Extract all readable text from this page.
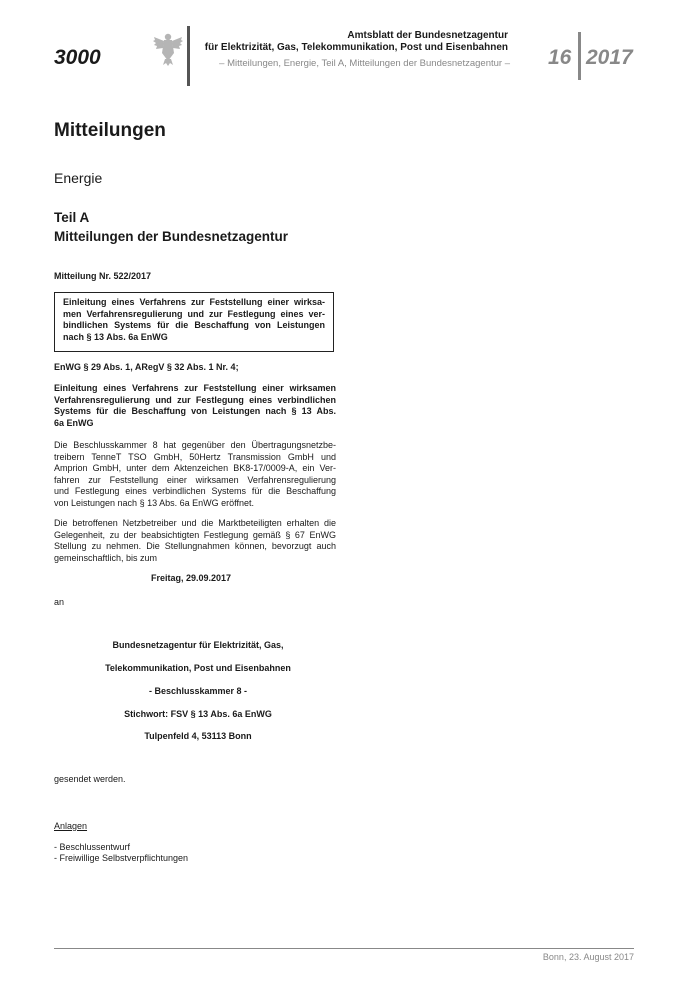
3000
Amtsblatt der Bundesnetzagentur
für Elektrizität, Gas, Telekommunikation, Post und Eisenbahnen
– Mitteilungen, Energie, Teil A, Mitteilungen der Bundesnetzagentur – 16 2017
Mitteilungen
Energie
Teil A
Mitteilungen der Bundesnetzagentur
Mitteilung Nr. 522/2017
Einleitung eines Verfahrens zur Feststellung einer wirksa-
men Verfahrensregulierung und zur Festlegung eines ver-
bindlichen Systems für die Beschaffung von Leistungen
nach § 13 Abs. 6a EnWG
EnWG § 29 Abs. 1, ARegV § 32 Abs. 1 Nr. 4;
Einleitung eines Verfahrens zur Feststellung einer wirksamen
Verfahrensregulierung und zur Festlegung eines verbindlichen
Systems für die Beschaffung von Leistungen nach § 13 Abs.
6a EnWG
Die Beschlusskammer 8 hat gegenüber den Übertragungsnetzbe-
treibern TenneT TSO GmbH, 50Hertz Transmission GmbH und
Amprion GmbH, unter dem Aktenzeichen BK8-17/0009-A, ein Ver-
fahren zur Feststellung einer wirksamen Verfahrensregulierung
und Festlegung eines verbindlichen Systems für die Beschaffung
von Leistungen nach § 13 Abs. 6a EnWG eröffnet.
Die betroffenen Netzbetreiber und die Marktbeteiligten erhalten die
Gelegenheit, zu der beabsichtigten Festlegung gemäß § 67 EnWG
Stellung zu nehmen. Die Stellungnahmen können, bevorzugt auch
gemeinschaftlich, bis zum
Freitag, 29.09.2017
an
Bundesnetzagentur für Elektrizität, Gas,
Telekommunikation, Post und Eisenbahnen
- Beschlusskammer 8 -
Stichwort: FSV § 13 Abs. 6a EnWG
Tulpenfeld 4, 53113 Bonn
gesendet werden.
Anlagen
- Beschlussentwurf
- Freiwillige Selbstverpflichtungen
Bonn, 23. August 2017
